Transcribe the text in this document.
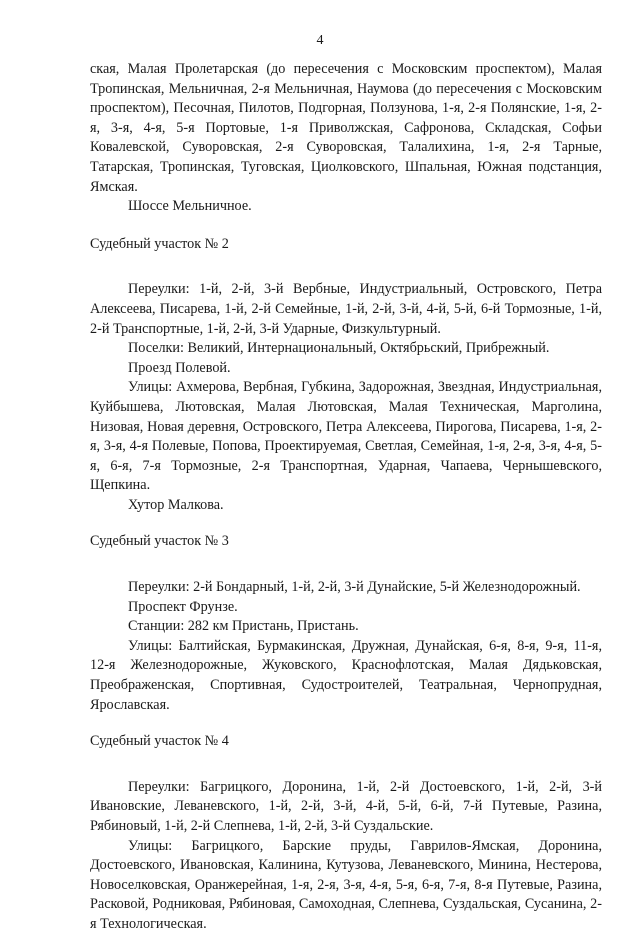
4

ская, Малая Пролетарская (до пересечения с Московским проспектом), Малая Тропинская, Мельничная, 2-я Мельничная, Наумова (до пересечения с Московским проспектом), Песочная, Пилотов, Подгорная, Ползунова, 1-я, 2-я Полянские, 1-я, 2-я, 3-я, 4-я, 5-я Портовые, 1-я Приволжская, Сафронова, Складская, Софьи Ковалевской, Суворовская, 2-я Суворовская, Талалихина, 1-я, 2-я Тарные, Татарская, Тропинская, Туговская, Циолковского, Шпальная, Южная подстанция, Ямская.

Шоссе Мельничное.

Судебный участок № 2

Переулки: 1-й, 2-й, 3-й Вербные, Индустриальный, Островского, Петра Алексеева, Писарева, 1-й, 2-й Семейные, 1-й, 2-й, 3-й, 4-й, 5-й, 6-й Тормозные, 1-й, 2-й Транспортные, 1-й, 2-й, 3-й Ударные, Физкультурный.

Поселки: Великий, Интернациональный, Октябрьский, Прибрежный.

Проезд Полевой.

Улицы: Ахмерова, Вербная, Губкина, Задорожная, Звездная, Индустриальная, Куйбышева, Лютовская, Малая Лютовская, Малая Техническая, Марголина, Низовая, Новая деревня, Островского, Петра Алексеева, Пирогова, Писарева, 1-я, 2-я, 3-я, 4-я Полевые, Попова, Проектируемая, Светлая, Семейная, 1-я, 2-я, 3-я, 4-я, 5-я, 6-я, 7-я Тормозные, 2-я Транспортная, Ударная, Чапаева, Чернышевского, Щепкина.

Хутор Малкова.

Судебный участок № 3

Переулки: 2-й Бондарный, 1-й, 2-й, 3-й Дунайские, 5-й Железнодорожный.

Проспект Фрунзе.

Станции: 282 км Пристань, Пристань.

Улицы: Балтийская, Бурмакинская, Дружная, Дунайская, 6-я, 8-я, 9-я, 11-я, 12-я Железнодорожные, Жуковского, Краснофлотская, Малая Дядьковская, Преображенская, Спортивная, Судостроителей, Театральная, Чернопрудная, Ярославская.

Судебный участок № 4

Переулки: Багрицкого, Доронина, 1-й, 2-й Достоевского, 1-й, 2-й, 3-й Ивановские, Леваневского, 1-й, 2-й, 3-й, 4-й, 5-й, 6-й, 7-й Путевые, Разина, Рябиновый, 1-й, 2-й Слепнева, 1-й, 2-й, 3-й Суздальские.

Улицы: Багрицкого, Барские пруды, Гаврилов-Ямская, Доронина, Достоевского, Ивановская, Калинина, Кутузова, Леваневского, Минина, Нестерова, Новоселковская, Оранжерейная, 1-я, 2-я, 3-я, 4-я, 5-я, 6-я, 7-я, 8-я Путевые, Разина, Расковой, Родниковая, Рябиновая, Самоходная, Слепнева, Суздальская, Сусанина, 2-я Технологическая.
